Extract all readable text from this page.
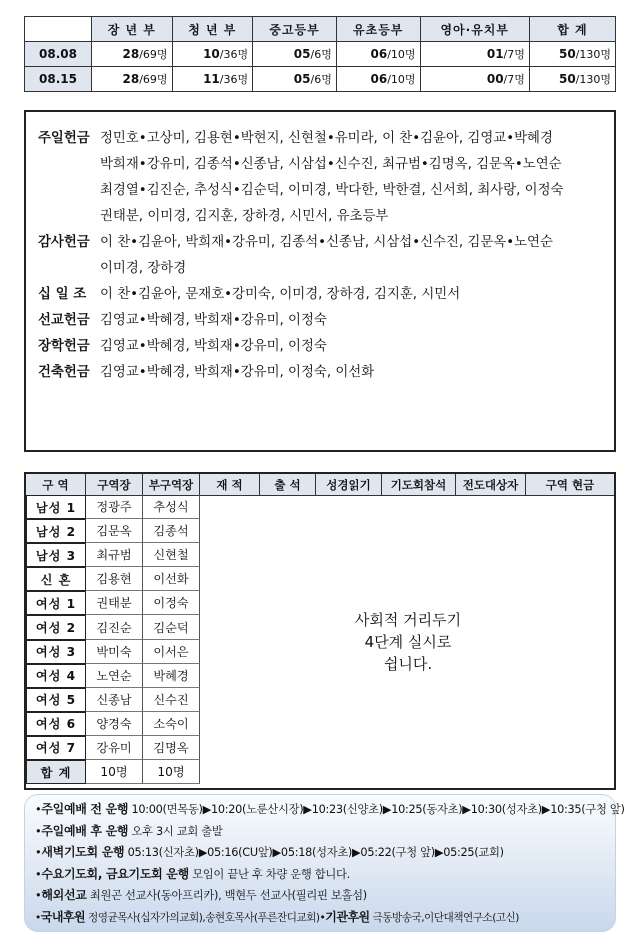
	장 년 부	청 년 부	중고등부	유초등부	영아·유치부	합 계
08.08	28/69명	10/36명	05/6명	06/10명	01/7명	50/130명
08.15	28/69명	11/36명	05/6명	06/10명	00/7명	50/130명
주일헌금 정민호•고상미, 김용현•박현지, 신현철•유미라, 이 찬•김윤아, 김영교•박혜경
박희재•강유미, 김종석•신종남, 시삼섭•신수진, 최규범•김명옥, 김문옥•노연순
최경열•김진순, 추성식•김순덕, 이미경, 박다한, 박한결, 신서희, 최사랑, 이정숙
권태분, 이미경, 김지훈, 장하경, 시민서, 유초등부
감사헌금 이 찬•김윤아, 박희재•강유미, 김종석•신종남, 시삼섭•신수진, 김문옥•노연순
이미경, 장하경
십 일 조	이 찬•김윤아, 문재호•강미숙, 이미경, 장하경, 김지훈, 시민서
선교헌금 김영교•박혜경, 박희재•강유미, 이정숙
장학헌금 김영교•박혜경, 박희재•강유미, 이정숙
건축헌금 김영교•박혜경, 박희재•강유미, 이정숙, 이선화
구 역	구역장	부구역장	재 적	출 석	성경읽기	기도회참석	전도대상자	구역 현금
남성 1	정광주	추성식
남성 2	김문옥	김종석
남성 3	최규범	신현철
신 혼	김용현	이선화
여성 1	권태분	이정숙
여성 2	김진순	김순덕
여성 3	박미숙	이서은
여성 4	노연순	박혜경
여성 5	신종남	신수진
여성 6	양경숙	소숙이
여성 7	강유미	김명옥
합 계	10명	10명
사회적 거리두기
4단계 실시로
쉽니다.
•주일예배 전 운행 10:00(면목동)▶10:20(노룬산시장)▶10:23(신양초)▶10:25(동자초)▶10:30(성자초)▶10:35(구청 앞)
•주일예배 후 운행 오후 3시 교회 출발
•새벽기도회 운행 05:13(신자초)▶05:16(CU앞)▶05:18(성자초)▶05:22(구청 앞)▶05:25(교회)
•수요기도회, 금요기도회 운행 모임이 끝난 후 차량 운행 합니다.
•해외선교 최원곤 선교사(동아프리카), 백현두 선교사(필리핀 보홀섬)
•국내후원 정영균목사(십자가의교회),송현호목사(푸른잔디교회)•기관후원 극동방송국,이단대책연구소(고신)
